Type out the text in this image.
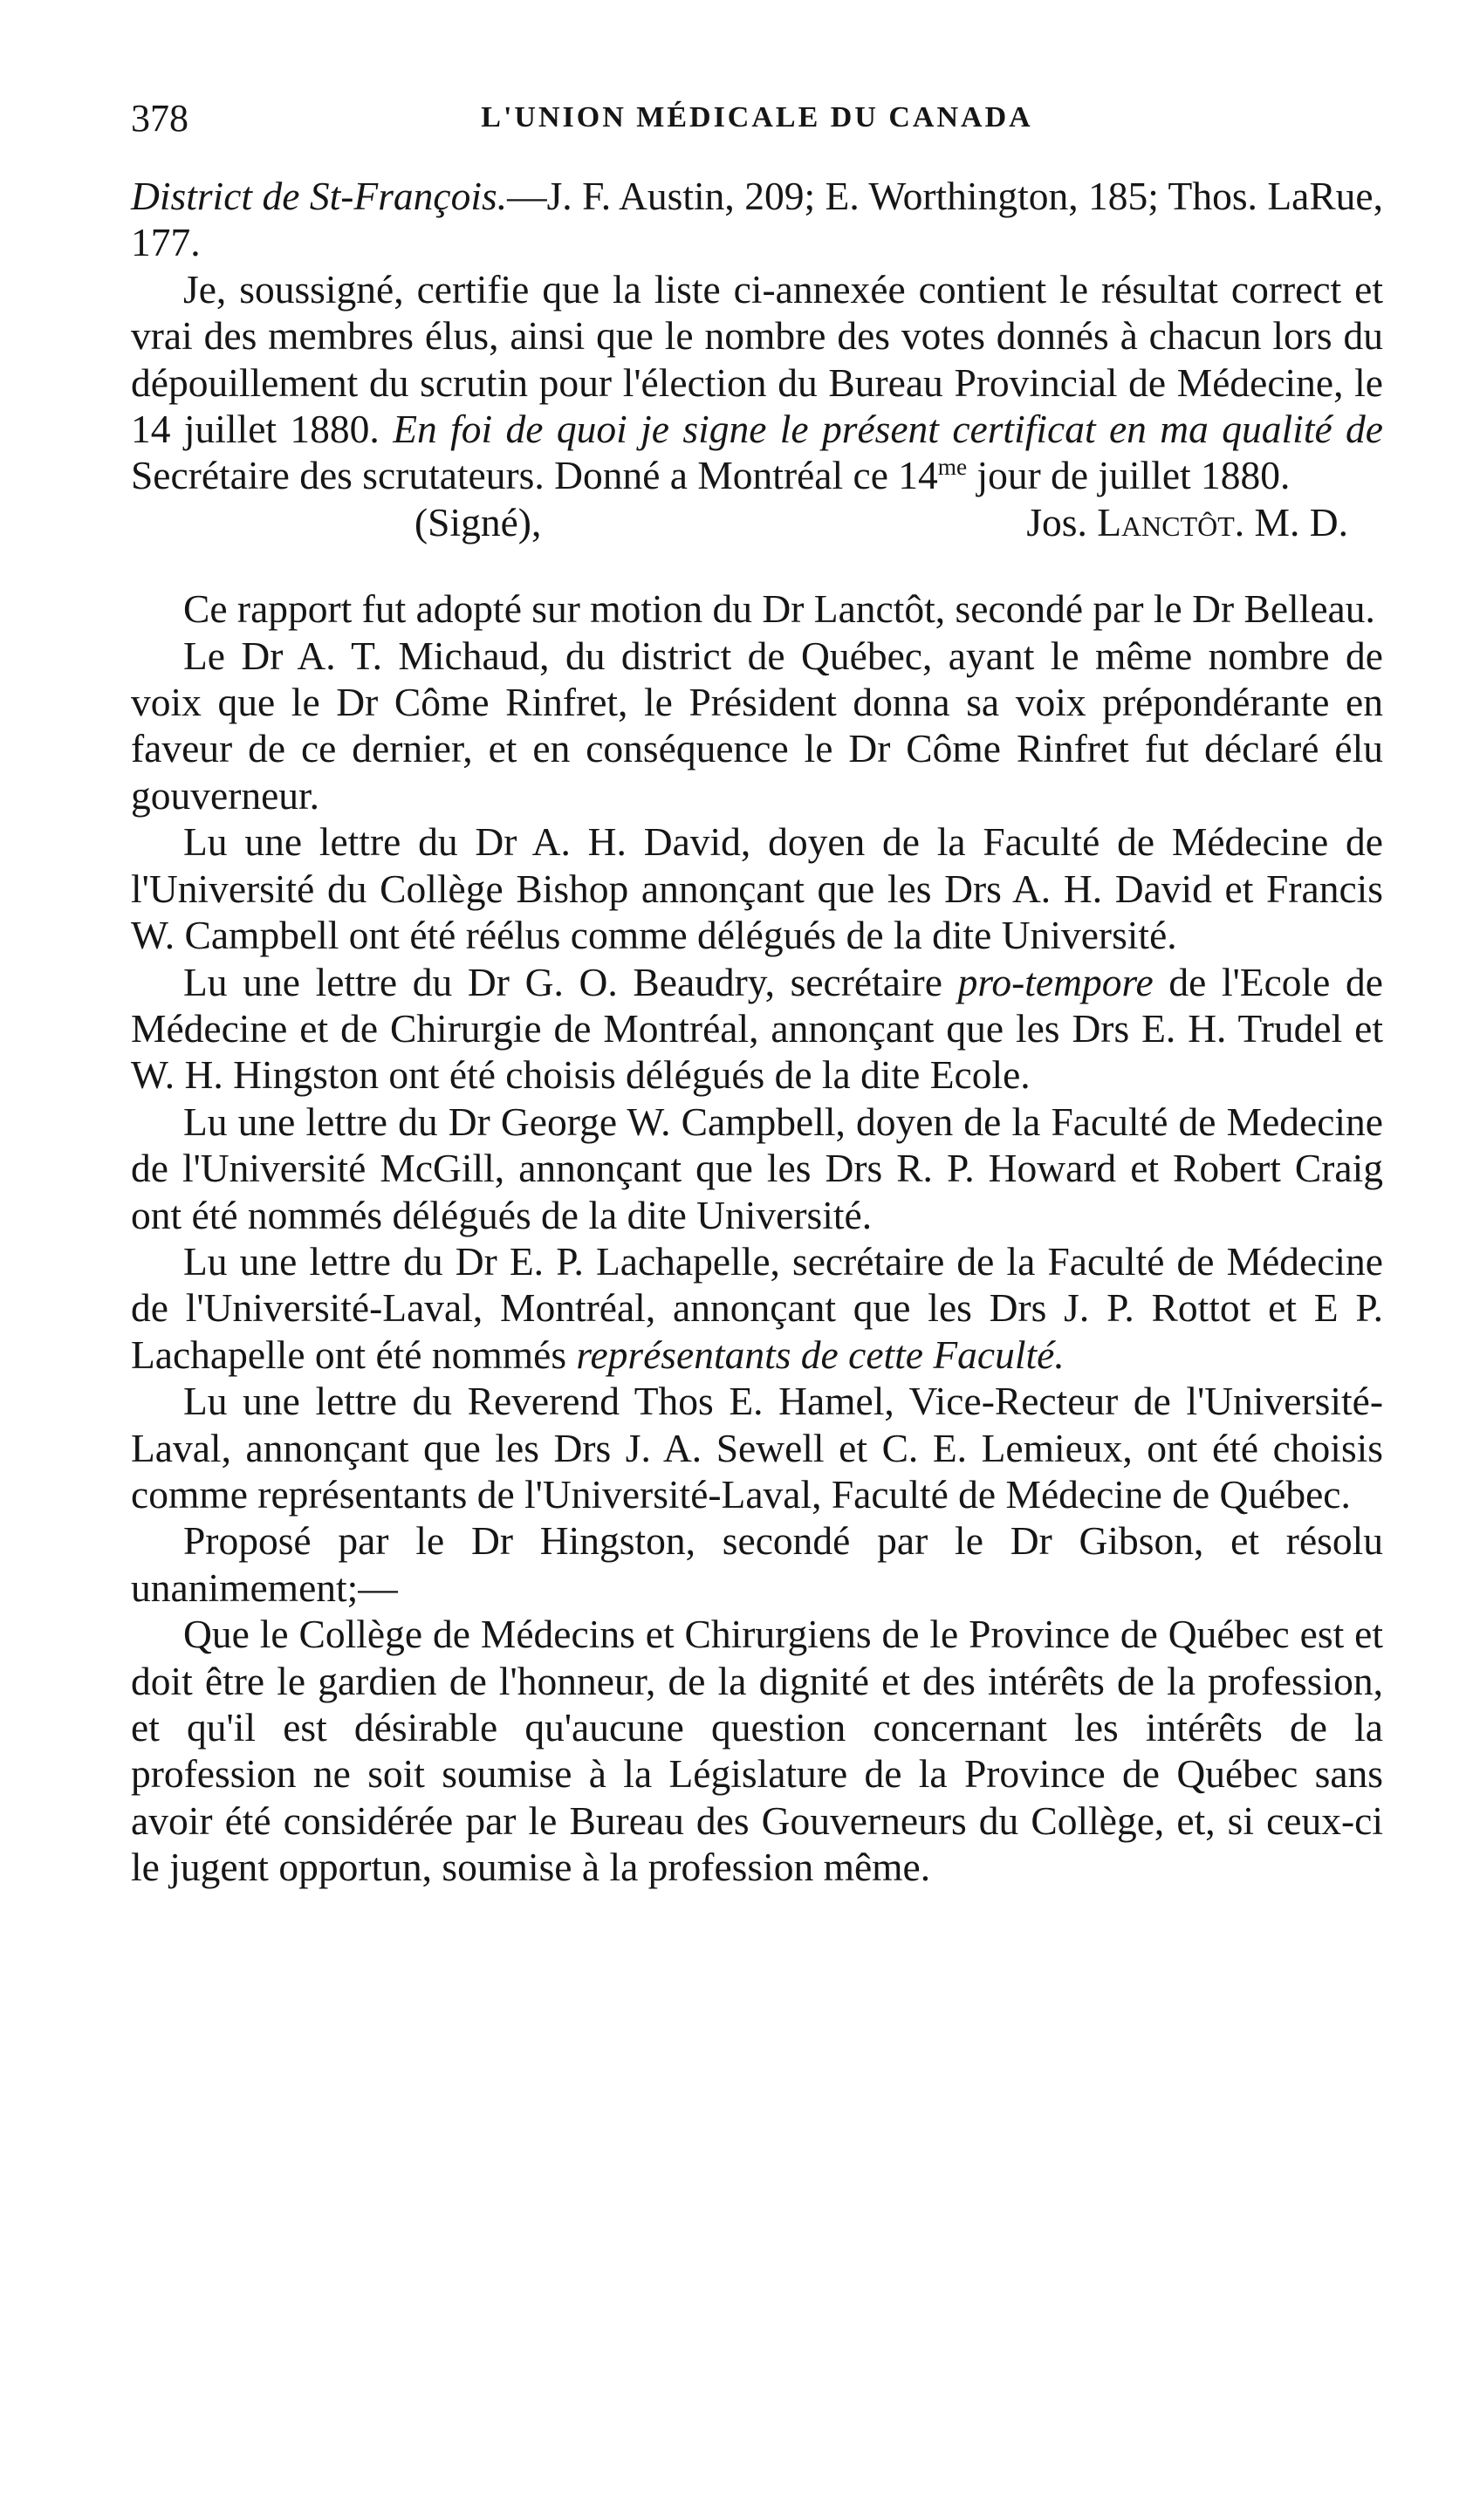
378	L'UNION MÉDICALE DU CANADA

District de St-François.—J. F. Austin, 209; E. Worthington, 185; Thos. LaRue, 177.

Je, soussigné, certifie que la liste ci-annexée contient le résultat correct et vrai des membres élus, ainsi que le nombre des votes donnés à chacun lors du dépouillement du scrutin pour l'élection du Bureau Provincial de Médecine, le 14 juillet 1880. En foi de quoi je signe le présent certificat en ma qualité de Secrétaire des scrutateurs. Donné a Montréal ce $14^{me}$ jour de juillet 1880.

(Signé),	Jos. Lanctôt. M. D.

Ce rapport fut adopté sur motion du Dr Lanctôt, secondé par le Dr Belleau.

Le Dr A. T. Michaud, du district de Québec, ayant le même nombre de voix que le Dr Côme Rinfret, le Président donna sa voix prépondérante en faveur de ce dernier, et en conséquence le Dr Côme Rinfret fut déclaré élu gouverneur.

Lu une lettre du Dr A. H. David, doyen de la Faculté de Médecine de l'Université du Collège Bishop annonçant que les Drs A. H. David et Francis W. Campbell ont été réélus comme délégués de la dite Université.

Lu une lettre du Dr G. O. Beaudry, secrétaire pro-tempore de l'Ecole de Médecine et de Chirurgie de Montréal, annonçant que les Drs E. H. Trudel et W. H. Hingston ont été choisis délégués de la dite Ecole.

Lu une lettre du Dr George W. Campbell, doyen de la Faculté de Medecine de l'Université McGill, annonçant que les Drs R. P. Howard et Robert Craig ont été nommés délégués de la dite Université.

Lu une lettre du Dr E. P. Lachapelle, secrétaire de la Faculté de Médecine de l'Université-Laval, Montréal, annonçant que les Drs J. P. Rottot et E P. Lachapelle ont été nommés représentants de cette Faculté.

Lu une lettre du Reverend Thos E. Hamel, Vice-Recteur de l'Université-Laval, annonçant que les Drs J. A. Sewell et C. E. Lemieux, ont été choisis comme représentants de l'Université-Laval, Faculté de Médecine de Québec.

Proposé par le Dr Hingston, secondé par le Dr Gibson, et résolu unanimement;—

Que le Collège de Médecins et Chirurgiens de le Province de Québec est et doit être le gardien de l'honneur, de la dignité et des intérêts de la profession, et qu'il est désirable qu'aucune question concernant les intérêts de la profession ne soit soumise à la Législature de la Province de Québec sans avoir été considérée par le Bureau des Gouverneurs du Collège, et, si ceux-ci le jugent opportun, soumise à la profession même.
